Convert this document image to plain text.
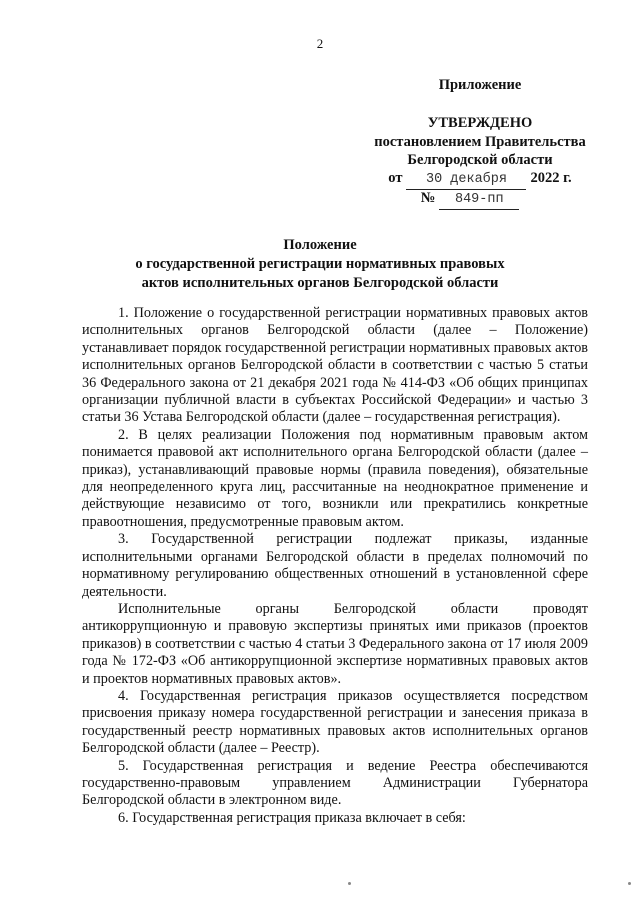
2
Приложение
УТВЕРЖДЕНО
постановлением Правительства
Белгородской области
от	30 декабря	2022 г.
№	849-пп
Положение
о государственной регистрации нормативных правовых
актов исполнительных органов Белгородской области

1. Положение о государственной регистрации нормативных правовых актов исполнительных органов Белгородской области (далее – Положение) устанавливает порядок государственной регистрации нормативных правовых актов исполнительных органов Белгородской области в соответствии с частью 5 статьи 36 Федерального закона от 21 декабря 2021 года № 414-ФЗ «Об общих принципах организации публичной власти в субъектах Российской Федерации» и частью 3 статьи 36 Устава Белгородской области (далее – государственная регистрация).

2. В целях реализации Положения под нормативным правовым актом понимается правовой акт исполнительного органа Белгородской области (далее – приказ), устанавливающий правовые нормы (правила поведения), обязательные для неопределенного круга лиц, рассчитанные на неоднократное применение и действующие независимо от того, возникли или прекратились конкретные правоотношения, предусмотренные правовым актом.

3. Государственной регистрации подлежат приказы, изданные исполнительными органами Белгородской области в пределах полномочий по нормативному регулированию общественных отношений в установленной сфере деятельности.

Исполнительные органы Белгородской области проводят антикоррупционную и правовую экспертизы принятых ими приказов (проектов приказов) в соответствии с частью 4 статьи 3 Федерального закона от 17 июля 2009 года № 172-ФЗ «Об антикоррупционной экспертизе нормативных правовых актов и проектов нормативных правовых актов».

4. Государственная регистрация приказов осуществляется посредством присвоения приказу номера государственной регистрации и занесения приказа в государственный реестр нормативных правовых актов исполнительных органов Белгородской области (далее – Реестр).

5. Государственная регистрация и ведение Реестра обеспечиваются государственно-правовым управлением Администрации Губернатора Белгородской области в электронном виде.

6. Государственная регистрация приказа включает в себя:
